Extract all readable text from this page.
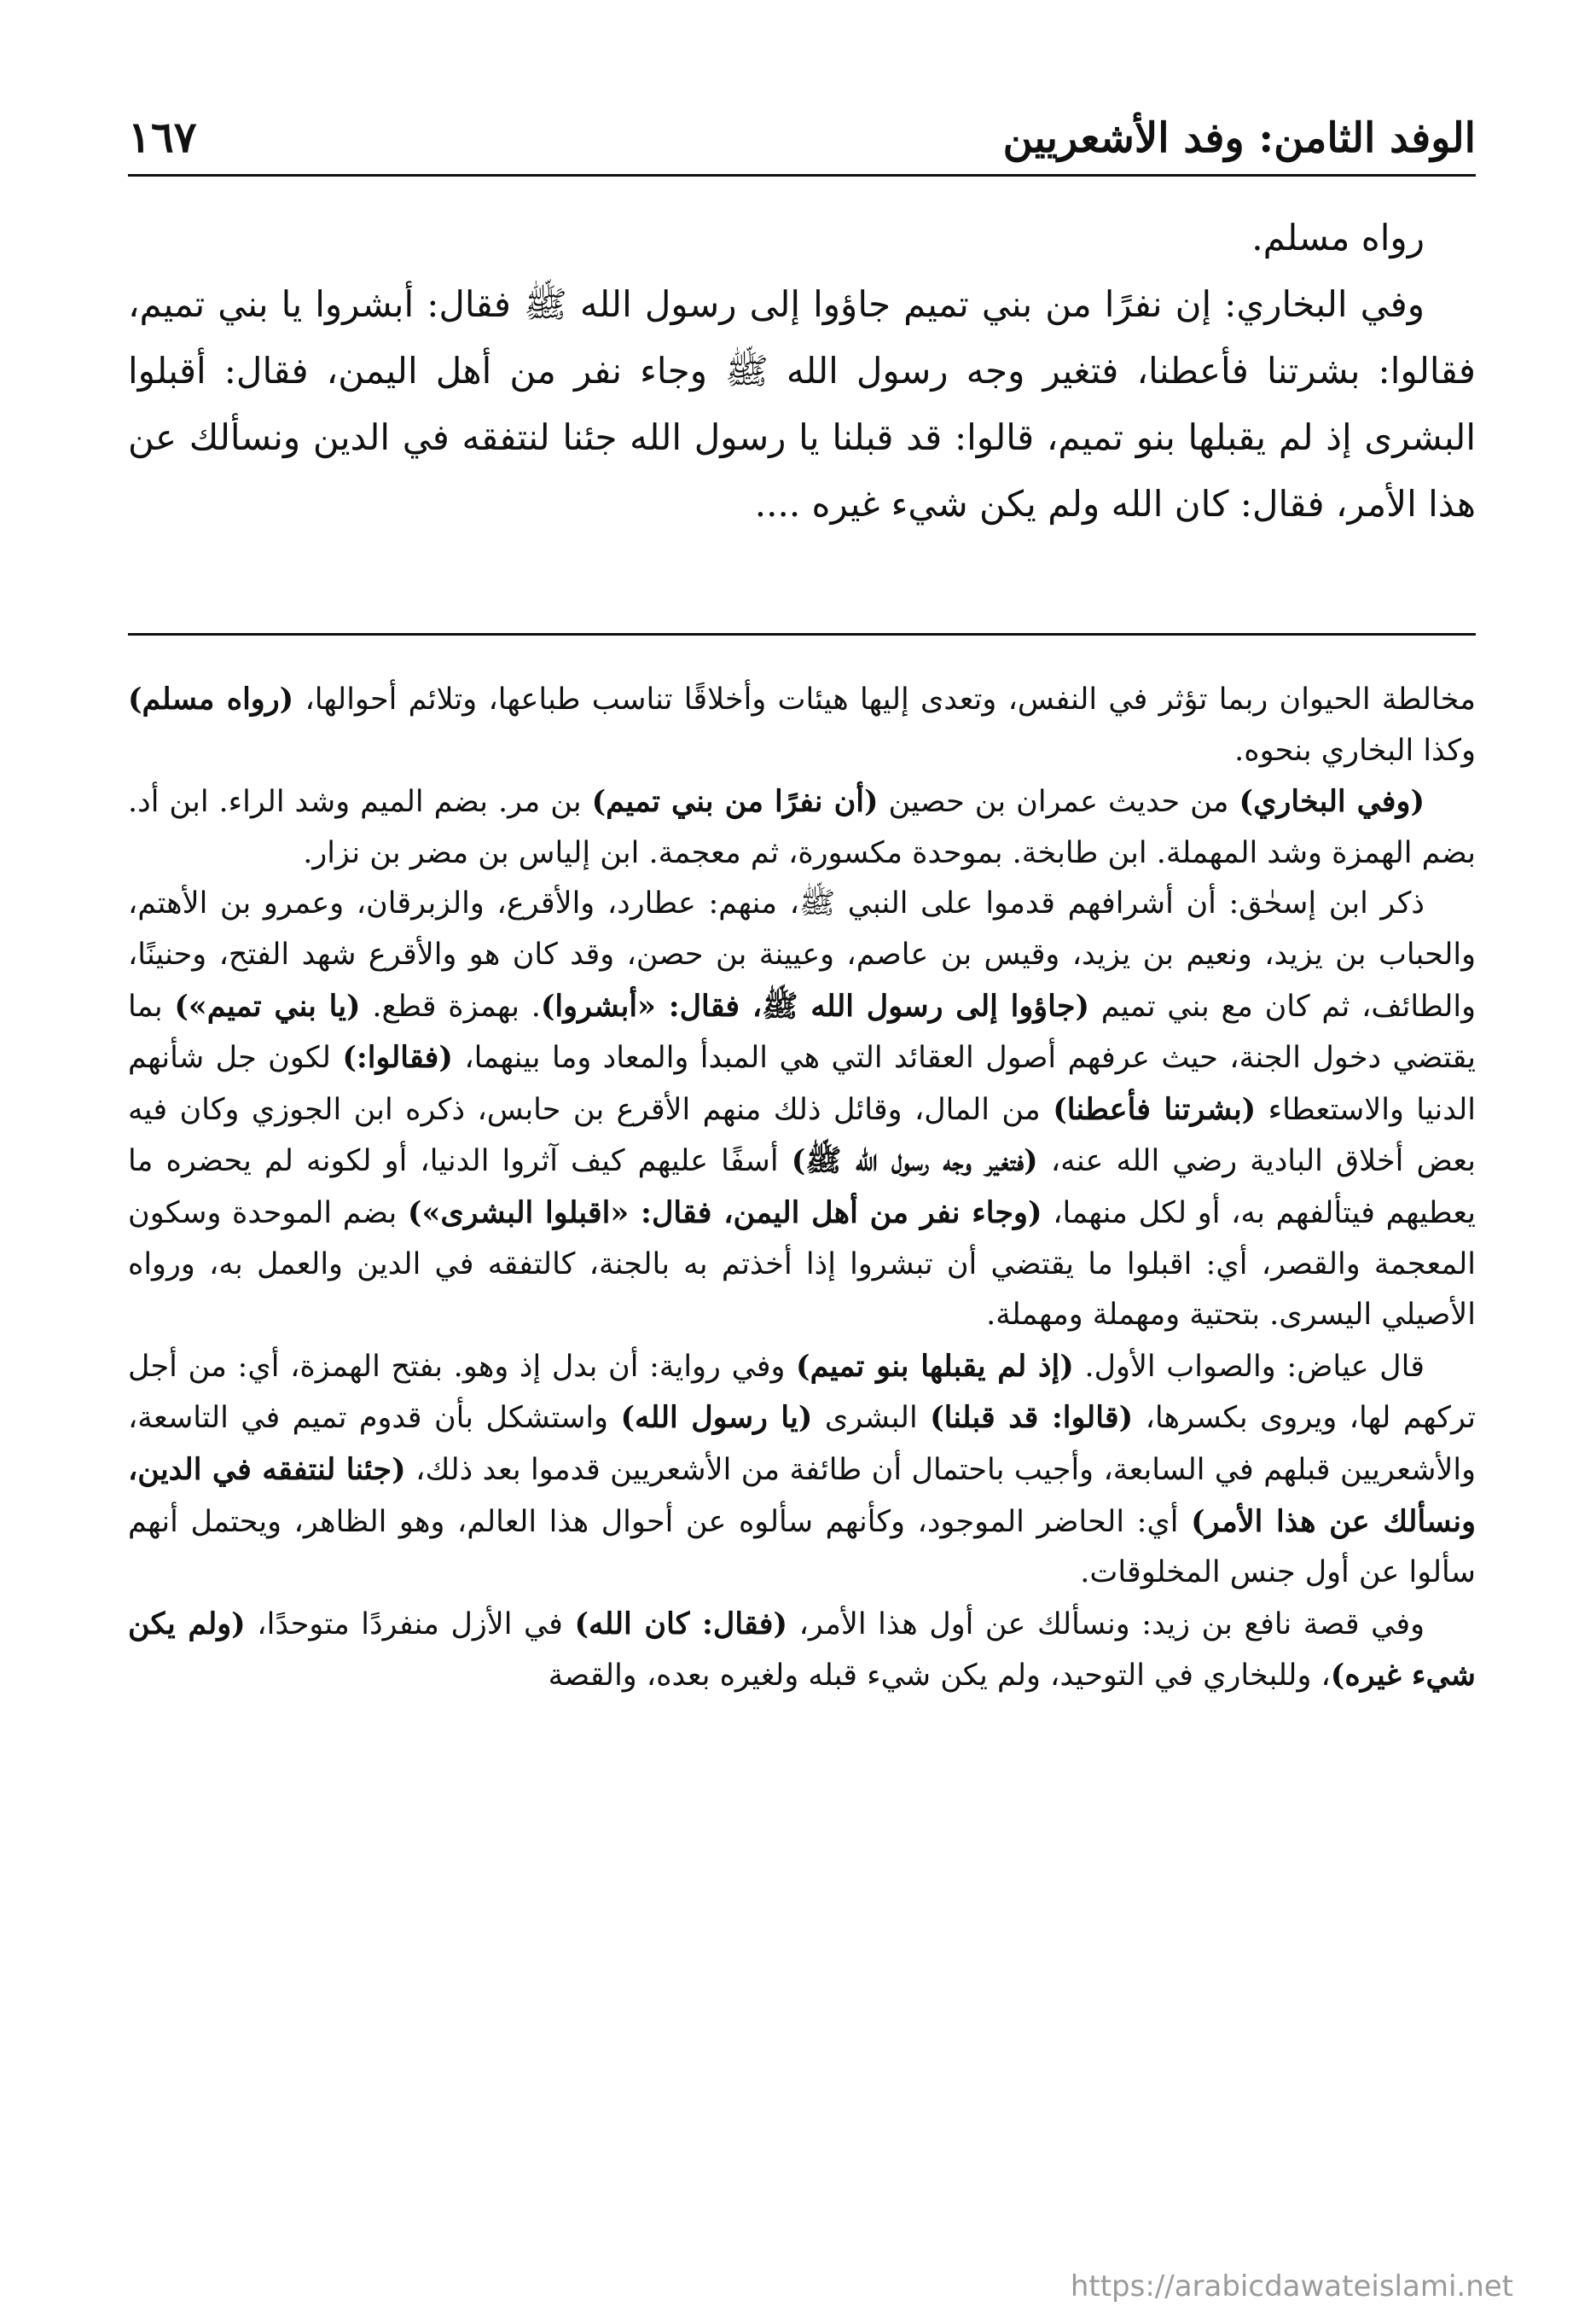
الوفد الثامن: وفد الأشعريين
١٦٧

رواه مسلم.

وفي البخاري: إن نفرًا من بني تميم جاؤوا إلى رسول الله ﷺ فقال: أبشروا يا بني تميم، فقالوا: بشرتنا فأعطنا، فتغير وجه رسول الله ﷺ وجاء نفر من أهل اليمن، فقال: أقبلوا البشرى إذ لم يقبلها بنو تميم، قالوا: قد قبلنا يا رسول الله جئنا لنتفقه في الدين ونسألك عن هذا الأمر، فقال: كان الله ولم يكن شيء غيره ....

مخالطة الحيوان ربما تؤثر في النفس، وتعدى إليها هيئات وأخلاقًا تناسب طباعها، وتلائم أحوالها، (رواه مسلم) وكذا البخاري بنحوه.

(وفي البخاري) من حديث عمران بن حصين (أن نفرًا من بني تميم) بن مر. بضم الميم وشد الراء. ابن أد. بضم الهمزة وشد المهملة. ابن طابخة. بموحدة مكسورة، ثم معجمة. ابن إلياس بن مضر بن نزار.

ذكر ابن إسحٰق: أن أشرافهم قدموا على النبي ﷺ، منهم: عطارد، والأقرع، والزبرقان، وعمرو بن الأهتم، والحباب بن يزيد، ونعيم بن يزيد، وقيس بن عاصم، وعيينة بن حصن، وقد كان هو والأقرع شهد الفتح، وحنينًا، والطائف، ثم كان مع بني تميم (جاؤوا إلى رسول الله ﷺ، فقال: «أبشروا). بهمزة قطع. (يا بني تميم») بما يقتضي دخول الجنة، حيث عرفهم أصول العقائد التي هي المبدأ والمعاد وما بينهما، (فقالوا:) لكون جل شأنهم الدنيا والاستعطاء (بشرتنا فأعطنا) من المال، وقائل ذلك منهم الأقرع بن حابس، ذكره ابن الجوزي وكان فيه بعض أخلاق البادية رضي الله عنه، (فتغير وجه رسول الله ﷺ) أسفًا عليهم كيف آثروا الدنيا، أو لكونه لم يحضره ما يعطيهم فيتألفهم به، أو لكل منهما، (وجاء نفر من أهل اليمن، فقال: «اقبلوا البشرى») بضم الموحدة وسكون المعجمة والقصر، أي: اقبلوا ما يقتضي أن تبشروا إذا أخذتم به بالجنة، كالتفقه في الدين والعمل به، ورواه الأصيلي اليسرى. بتحتية ومهملة ومهملة.

قال عياض: والصواب الأول. (إذ لم يقبلها بنو تميم) وفي رواية: أن بدل إذ وهو. بفتح الهمزة، أي: من أجل تركهم لها، ويروى بكسرها، (قالوا: قد قبلنا) البشرى (يا رسول الله) واستشكل بأن قدوم تميم في التاسعة، والأشعريين قبلهم في السابعة، وأجيب باحتمال أن طائفة من الأشعريين قدموا بعد ذلك، (جئنا لنتفقه في الدين، ونسألك عن هذا الأمر) أي: الحاضر الموجود، وكأنهم سألوه عن أحوال هذا العالم، وهو الظاهر، ويحتمل أنهم سألوا عن أول جنس المخلوقات.

وفي قصة نافع بن زيد: ونسألك عن أول هذا الأمر، (فقال: كان الله) في الأزل منفردًا متوحدًا، (ولم يكن شيء غيره)، وللبخاري في التوحيد، ولم يكن شيء قبله ولغيره بعده، والقصة

https://arabicdawateislami.net
